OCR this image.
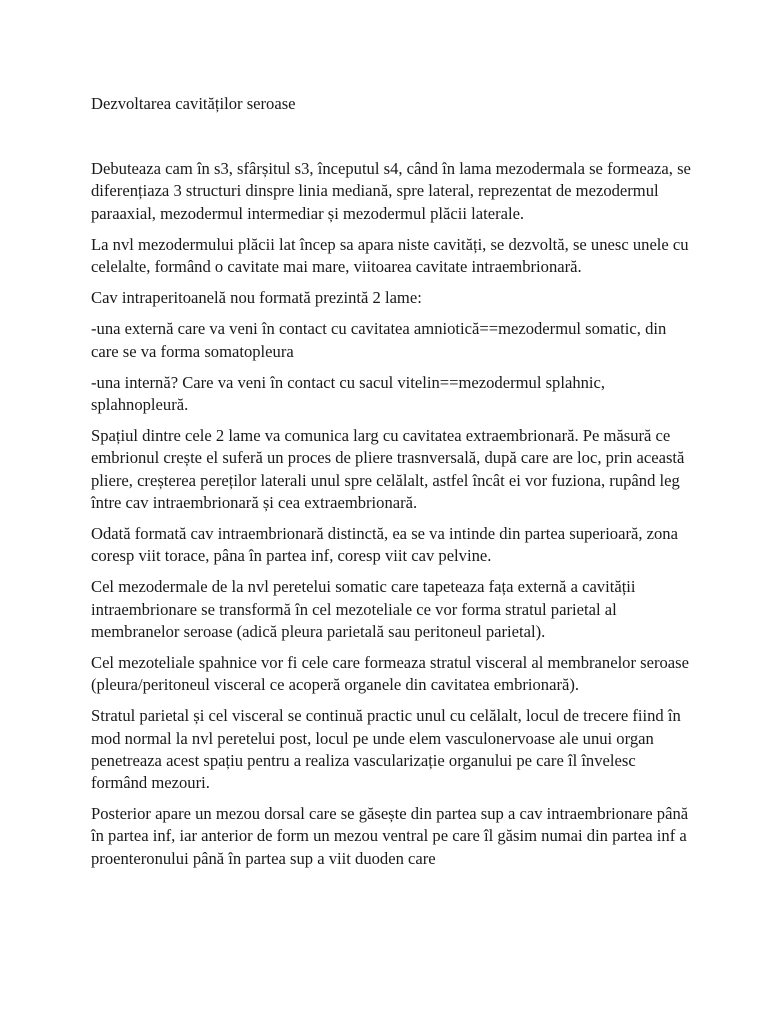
Dezvoltarea cavităților seroase

Debuteaza cam în s3, sfârșitul s3, începutul s4, când în lama mezodermala se formeaza, se diferențiaza 3 structuri dinspre linia mediană, spre lateral, reprezentat de mezodermul paraaxial, mezodermul intermediar și mezodermul plăcii laterale.

La nvl mezodermului plăcii lat încep sa apara niste cavități, se dezvoltă, se unesc unele cu celelalte, formând o cavitate mai mare, viitoarea cavitate intraembrionară.

Cav intraperitoanelă nou formată prezintă 2 lame:

-una externă care va veni în contact cu cavitatea amniotică==mezodermul somatic, din care se va forma somatopleura

-una internă? Care va veni în contact cu sacul vitelin==mezodermul splahnic, splahnopleură.

Spațiul dintre cele 2 lame va comunica larg cu cavitatea extraembrionară. Pe măsură ce embrionul crește el suferă un proces de pliere trasnversală, după care are loc, prin această pliere, creșterea pereților laterali unul spre celălalt, astfel încât ei vor fuziona, rupând leg între cav intraembrionară și cea extraembrionară.

Odată formată cav intraembrionară distinctă, ea se va intinde din partea superioară, zona coresp viit torace, pâna în partea inf, coresp viit cav pelvine.

Cel mezodermale de la nvl peretelui somatic care tapeteaza fața externă a cavității intraembrionare se transformă în cel mezoteliale ce vor forma stratul parietal al membranelor seroase (adică pleura parietală sau peritoneul parietal).

Cel mezoteliale spahnice vor fi cele care formeaza stratul visceral al membranelor seroase (pleura/peritoneul visceral ce acoperă organele din cavitatea embrionară).

Stratul parietal și cel visceral se continuă practic unul cu celălalt, locul de trecere fiind în mod normal la nvl peretelui post, locul pe unde elem vasculonervoase ale unui organ penetreaza acest spațiu pentru a realiza vascularizație organului pe care îl învelesc formând mezouri.

Posterior apare un mezou dorsal care se găsește din partea sup a cav intraembrionare până în partea inf, iar anterior de form un mezou ventral pe care îl găsim numai din partea inf a proenteronului până în partea sup a viit duoden care
